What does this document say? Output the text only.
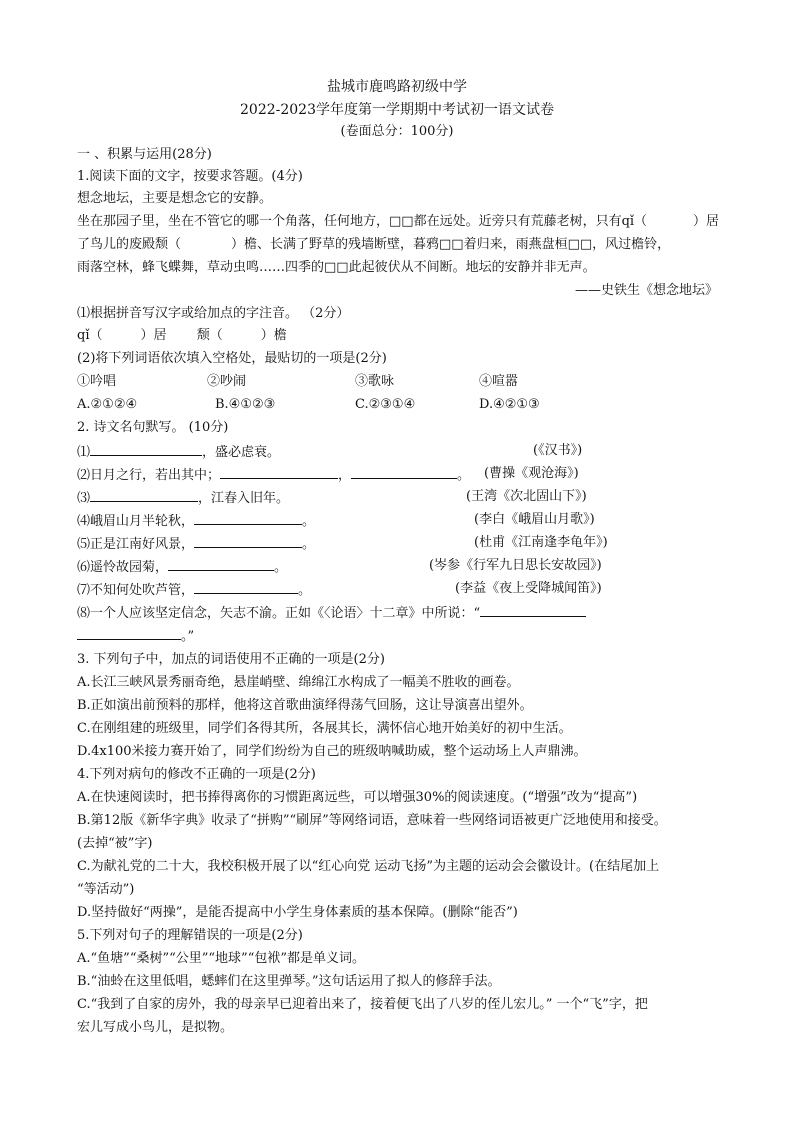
盐城市鹿鸣路初级中学
2022-2023学年度第一学期期中考试初一语文试卷
(卷面总分：100分)
一 、积累与运用(28分)
1.阅读下面的文字，按要求答题。(4分)
想念地坛，主要是想念它的安静。
坐在那园子里，坐在不管它的哪一个角落，任何地方，□□都在远处。近旁只有荒藤老树，只有qǐ（	）居
了鸟儿的废殿颓（	）檐、长满了野草的残墙断壁，暮鸦□□着归来，雨燕盘桓□□，风过檐铃，
雨落空林，蜂飞蝶舞，草动虫鸣……四季的□□此起彼伏从不间断。地坛的安静并非无声。
——史铁生《想念地坛》
⑴根据拼音写汉字或给加点的字注音。 （2分）
qǐ（	）居 颓（	）檐
(2)将下列词语依次填入空格处，最贴切的一项是(2分)
①吟唱	②吵闹	③歌咏	④喧嚣
A.②①②④	B.④①②③	C.②③①④	D.④②①③
2. 诗文名句默写。 (10分)
⑴	，盛必虑衰。	(《汉书》)
⑵日月之行，若出其中；	，	。 (曹操《观沧海》)
⑶	，江春入旧年。	(王湾《次北固山下》)
⑷峨眉山月半轮秋，	。	(李白《峨眉山月歌》)
⑸正是江南好风景，	。	(杜甫《江南逢李龟年》)
⑹遥怜故园菊，	。	(岑参《行军九日思长安故园》)
⑺不知何处吹芦管，	。	(李益《夜上受降城闻笛》)
⑻一个人应该坚定信念，矢志不渝。正如《〈论语〉十二章》中所说：“
。”
3. 下列句子中，加点的词语使用不正确的一项是(2分)
A.长江三峡风景秀丽奇绝，悬崖峭壁、绵绵江水构成了一幅美不胜收的画卷。
B.正如演出前预料的那样，他将这首歌曲演绎得荡气回肠，这让导演喜出望外。
C.在刚组建的班级里，同学们各得其所，各展其长，满怀信心地开始美好的初中生活。
D.4x100米接力赛开始了，同学们纷纷为自己的班级呐喊助威，整个运动场上人声鼎沸。
4.下列对病句的修改不正确的一项是(2分)
A.在快速阅读时，把书捧得离你的习惯距离远些，可以增强30%的阅读速度。(“增强”改为“提高”)
B.第12版《新华字典》收录了“拼购”“刷屏”等网络词语，意味着一些网络词语被更广泛地使用和接受。
(去掉“被”字)
C.为献礼党的二十大，我校积极开展了以“红心向党 运动飞扬”为主题的运动会会徽设计。(在结尾加上
“等活动”)
D.坚持做好“两操”，是能否提高中小学生身体素质的基本保障。(删除“能否”)
5.下列对句子的理解错误的一项是(2分)
A.“鱼塘”“桑树”“公里”“地球”“包袱”都是单义词。
B.“油蛉在这里低唱，蟋蟀们在这里弹琴。”这句话运用了拟人的修辞手法。
C.“我到了自家的房外，我的母亲早已迎着出来了，接着便飞出了八岁的侄儿宏儿。” 一个“飞”字，把
宏儿写成小鸟儿，是拟物。
